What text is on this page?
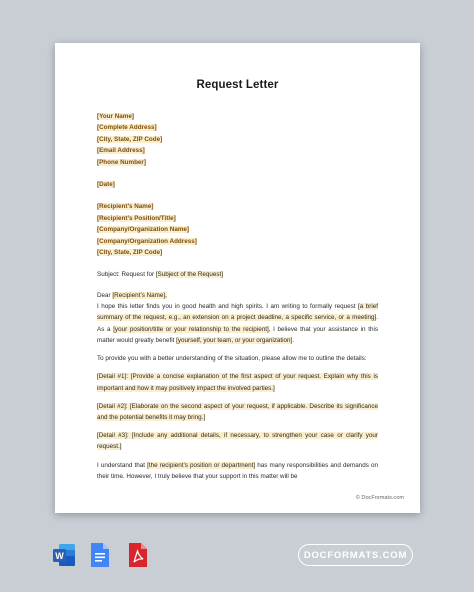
Request Letter
[Your Name]
[Complete Address]
[City, State, ZIP Code]
[Email Address]
[Phone Number]
[Date]
[Recipient’s Name]
[Recipient’s Position/Title]
[Company/Organization Name]
[Company/Organization Address]
[City, State, ZIP Code]
Subject: Request for [Subject of the Request]
Dear [Recipient’s Name],

I hope this letter finds you in good health and high spirits. I am writing to formally request [a brief summary of the request, e.g., an extension on a project deadline, a specific service, or a meeting]. As a [your position/title or your relationship to the recipient], I believe that your assistance in this matter would greatly benefit [yourself, your team, or your organization].

To provide you with a better understanding of the situation, please allow me to outline the details:

[Detail #1]: [Provide a concise explanation of the first aspect of your request. Explain why this is important and how it may positively impact the involved parties.]

[Detail #2]: [Elaborate on the second aspect of your request, if applicable. Describe its significance and the potential benefits it may bring.]

[Detail #3]: [Include any additional details, if necessary, to strengthen your case or clarify your request.]

I understand that [the recipient’s position or department] has many responsibilities and demands on their time. However, I truly believe that your support in this matter will be

© DocFormats.com
W	DOCFORMATS.COM
